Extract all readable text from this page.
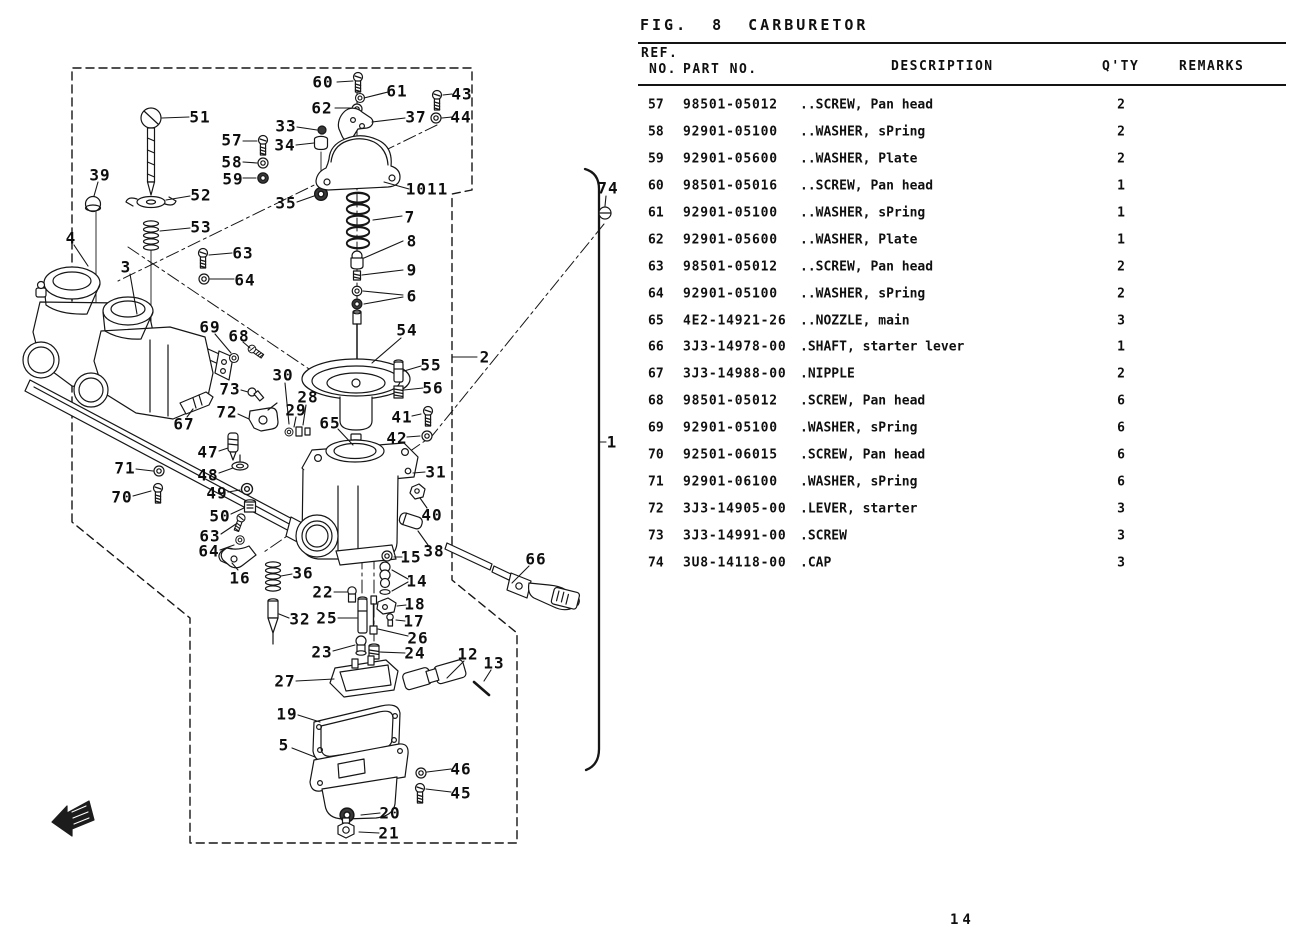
60	61
62	37
43
44
33
34
35
51
57
58
59
52
53
39
4
3
63
64
1011
7
8
9
6
54
55
56
2
74
1
30
28
29
65	41
42
31
40
38
15
14
18
17
26
24
23
25
22
32
36
16
12 13
27
19
5
46
45
20
21
66
69 68
73
72
67
47
48
49
50
63
64
71
70
FIG. 8 CARBURETOR
REF.
NO. PART NO.	DESCRIPTION	Q'TY	REMARKS
57 98501-05012 ..SCREW, Pan head	2
58 92901-05100 ..WASHER, sPring	2
59 92901-05600 ..WASHER, Plate	2
60 98501-05016 ..SCREW, Pan head	1
61 92901-05100 ..WASHER, sPring	1
62 92901-05600 ..WASHER, Plate	1
63 98501-05012 ..SCREW, Pan head	2
64 92901-05100 ..WASHER, sPring	2
65 4E2-14921-26 ..NOZZLE, main	3
66 3J3-14978-00 .SHAFT, starter lever	1
67 3J3-14988-00 .NIPPLE	2
68 98501-05012 .SCREW, Pan head	6
69 92901-05100 .WASHER, sPring	6
70 92501-06015 .SCREW, Pan head	6
71 92901-06100 .WASHER, sPring	6
72 3J3-14905-00 .LEVER, starter	3
73 3J3-14991-00 .SCREW	3
74 3U8-14118-00 .CAP	3
14
